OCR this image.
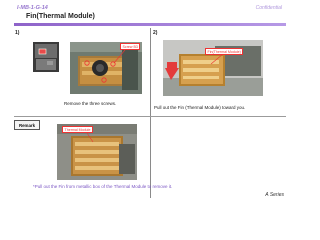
I-MB-1-G-14	Confidential
Fin(Thermal Module)
1)
Screw B3
Remove the three screws.
2)
Fin(Thermal Module)
Pull out the Fin (Thermal Module) toward you.
Remark
Thermal Module
*Pull out the Fin from metallic box of the Thermal Module to remove it.
A Series
